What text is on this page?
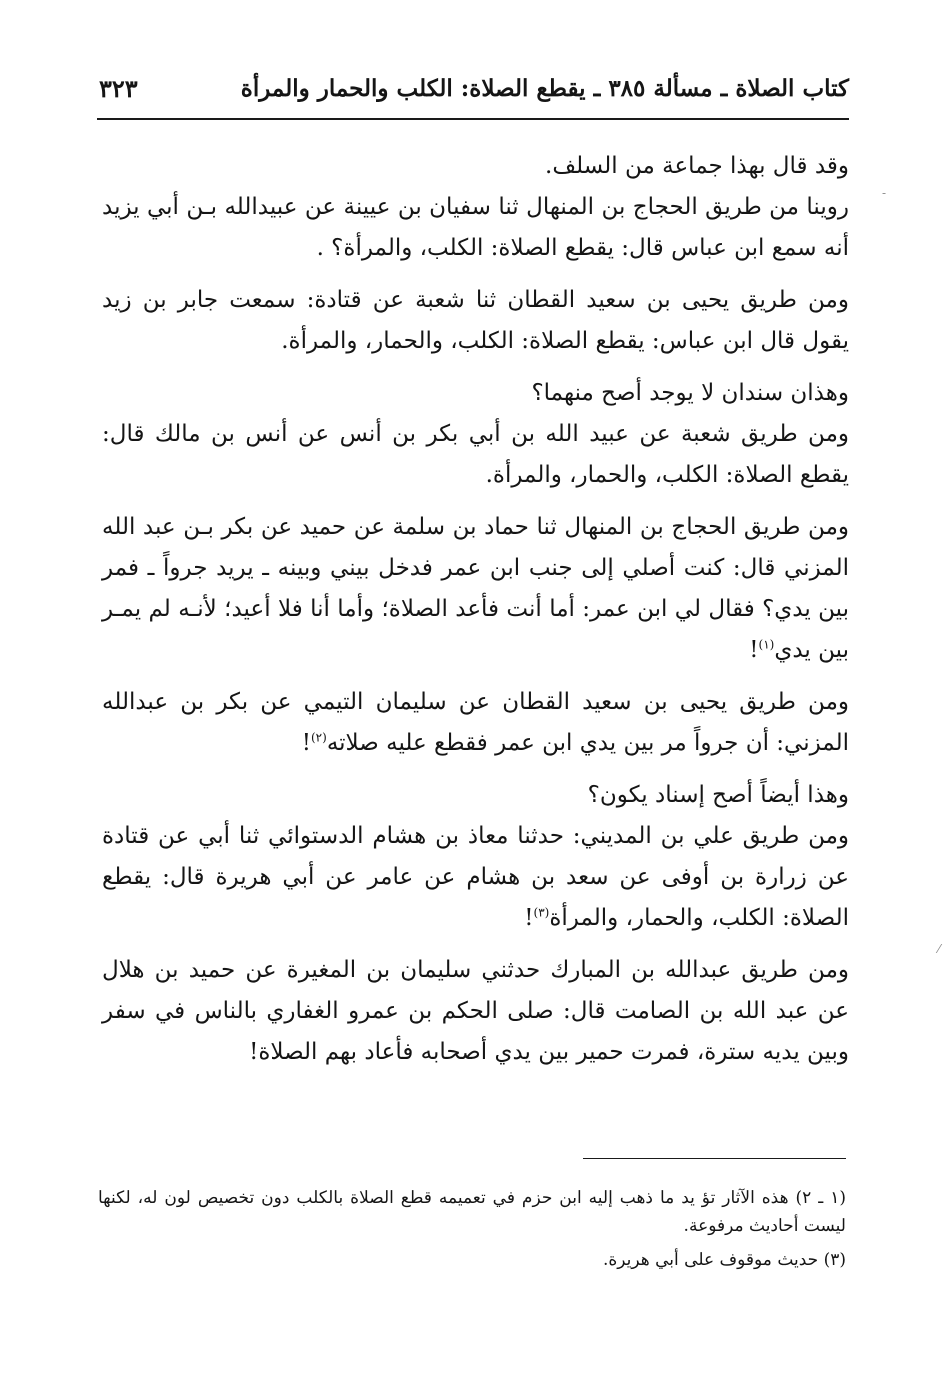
كتاب الصلاة ـ مسألة ٣٨٥ ـ يقطع الصلاة: الكلب والحمار والمرأة
٣٢٣

وقد قال بهذا جماعة من السلف.

روينا من طريق الحجاج بن المنهال ثنا سفيان بن عيينة عن عبيدالله بـن أبي يزيد أنه سمع ابن عباس قال: يقطع الصلاة: الكلب، والمرأة؟ .

ومن طريق يحيى بن سعيد القطان ثنا شعبة عن قتادة: سمعت جابر بن زيد يقول قال ابن عباس: يقطع الصلاة: الكلب، والحمار، والمرأة.

وهذان سندان لا يوجد أصح منهما؟

ومن طريق شعبة عن عبيد الله بن أبي بكر بن أنس عن أنس بن مالك قال: يقطع الصلاة: الكلب، والحمار، والمرأة.

ومن طريق الحجاج بن المنهال ثنا حماد بن سلمة عن حميد عن بكر بـن عبد الله المزني قال: كنت أصلي إلى جنب ابن عمر فدخل بيني وبينه ـ يريد جرواً ـ فمر بين يدي؟ فقال لي ابن عمر: أما أنت فأعد الصلاة؛ وأما أنا فلا أعيد؛ لأنـه لم يمـر بين يدي$^{(١)}$!

ومن طريق يحيى بن سعيد القطان عن سليمان التيمي عن بكر بن عبدالله المزني: أن جرواً مر بين يدي ابن عمر فقطع عليه صلاته$^{(٢)}$!

وهذا أيضاً أصح إسناد يكون؟

ومن طريق علي بن المديني: حدثنا معاذ بن هشام الدستوائي ثنا أبي عن قتادة عن زرارة بن أوفى عن سعد بن هشام عن عامر عن أبي هريرة قال: يقطع الصلاة: الكلب، والحمار، والمرأة$^{(٣)}$!

ومن طريق عبدالله بن المبارك حدثني سليمان بن المغيرة عن حميد بن هلال عن عبد الله بن الصامت قال: صلى الحكم بن عمرو الغفاري بالناس في سفر وبين يديه سترة، فمرت حمير بين يدي أصحابه فأعاد بهم الصلاة!

(١ ـ ٢) هذه الآثار تؤ يد ما ذهب إليه ابن حزم في تعميمه قطع الصلاة بالكلب دون تخصيص لون له، لكنها ليست أحاديث مرفوعة.

(٣) حديث موقوف على أبي هريرة.

-
⁄
